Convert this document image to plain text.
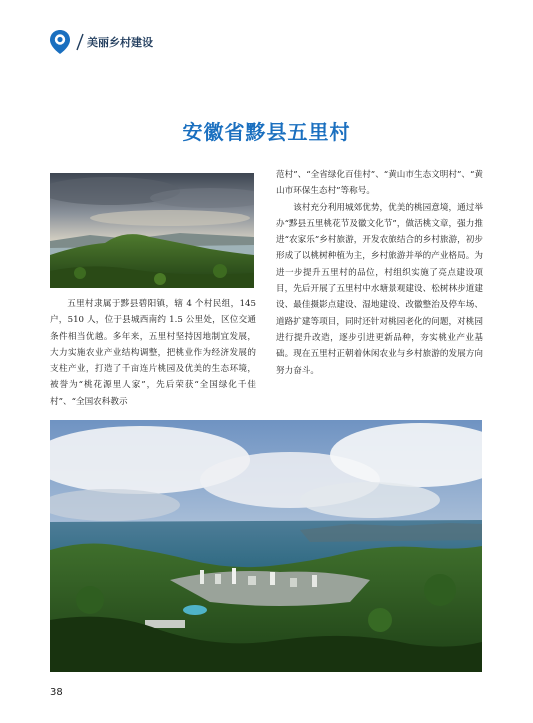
美丽乡村建设
安徽省黟县五里村

五里村隶属于黟县碧阳镇，辖 4 个村民组，145 户，510 人，位于县城西南约 1.5 公里处，区位交通条件相当优越。多年来，五里村坚持因地制宜发展，大力实施农业产业结构调整，把桃业作为经济发展的支柱产业，打造了千亩连片桃园及优美的生态环境，被誉为“桃花源里人家”，先后荣获“全国绿化千佳村”、“全国农科教示

范村”、“全省绿化百佳村”、“黄山市生态文明村”、“黄山市环保生态村”等称号。

该村充分利用城郊优势，优美的桃园意境，通过举办“黟县五里桃花节及徽文化节”，做活桃文章，强力推进“农家乐”乡村旅游，开发农旅结合的乡村旅游，初步形成了以桃树种植为主，乡村旅游并举的产业格局。为进一步提升五里村的品位，村组织实施了亮点建设项目，先后开展了五里村中水塘景观建设、松树林步道建设、最佳摄影点建设、湿地建设、改徽整治及停车场、道路扩建等项目，同时还针对桃园老化的问题，对桃园进行提升改造，逐步引进更新品种，夯实桃业产业基础。现在五里村正朝着休闲农业与乡村旅游的发展方向努力奋斗。

38
